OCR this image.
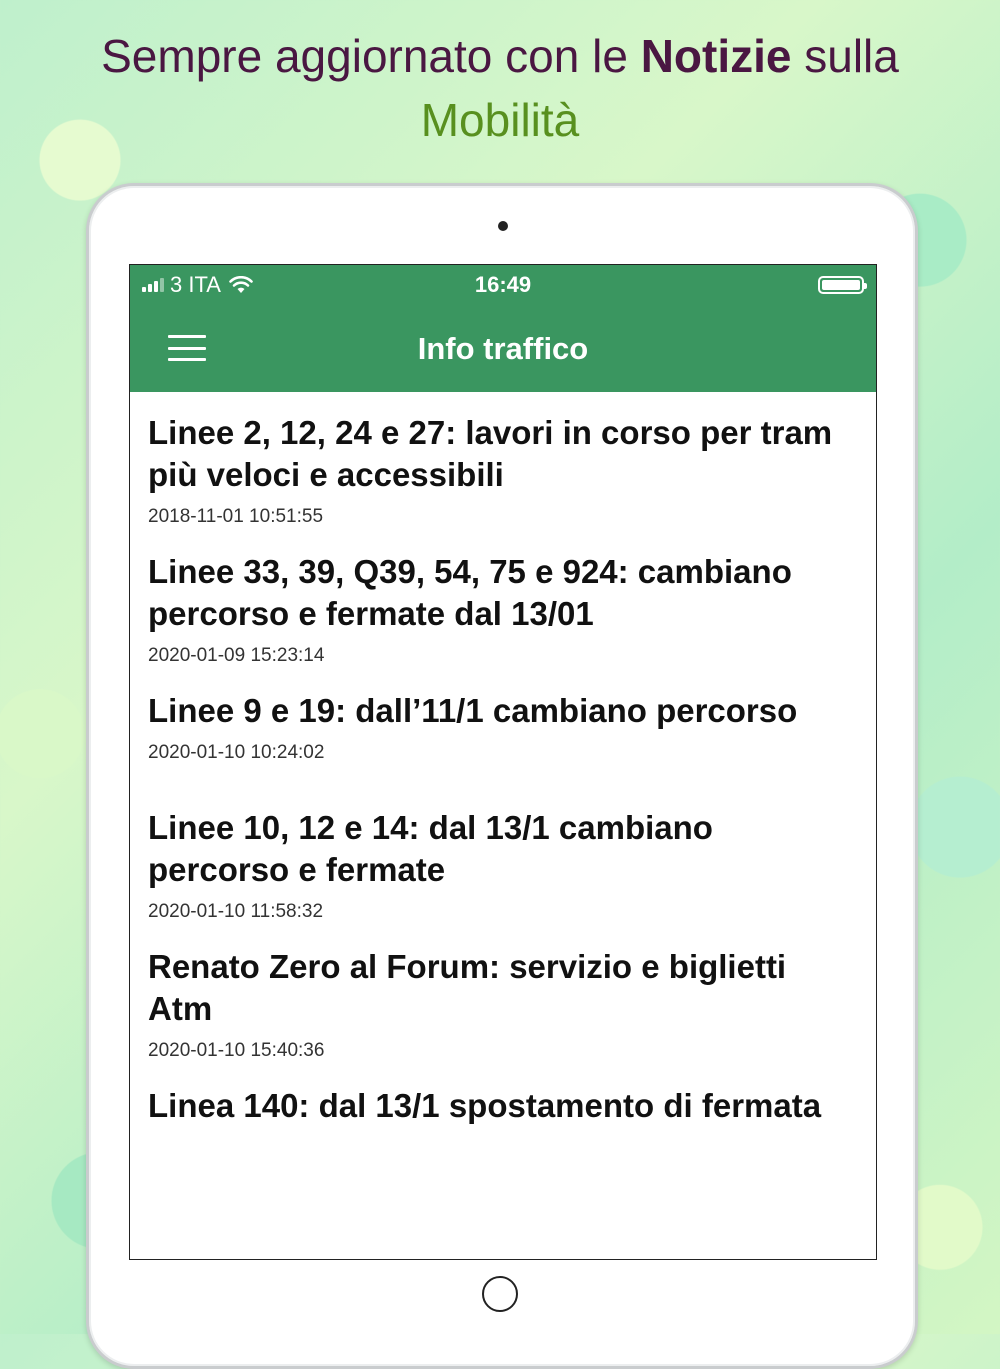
Sempre aggiornato con le Notizie sulla
Mobilità
3 ITA	16:49
Info traffico
Linee 2, 12, 24 e 27: lavori in corso per tram più veloci e accessibili
2018-11-01 10:51:55
Linee 33, 39, Q39, 54, 75 e 924: cambiano percorso e fermate dal 13/01
2020-01-09 15:23:14
Linee 9 e 19: dall’11/1 cambiano percorso
2020-01-10 10:24:02
Linee 10, 12 e 14: dal 13/1 cambiano percorso e fermate
2020-01-10 11:58:32
Renato Zero al Forum: servizio e biglietti Atm
2020-01-10 15:40:36
Linea 140: dal 13/1 spostamento di fermata
